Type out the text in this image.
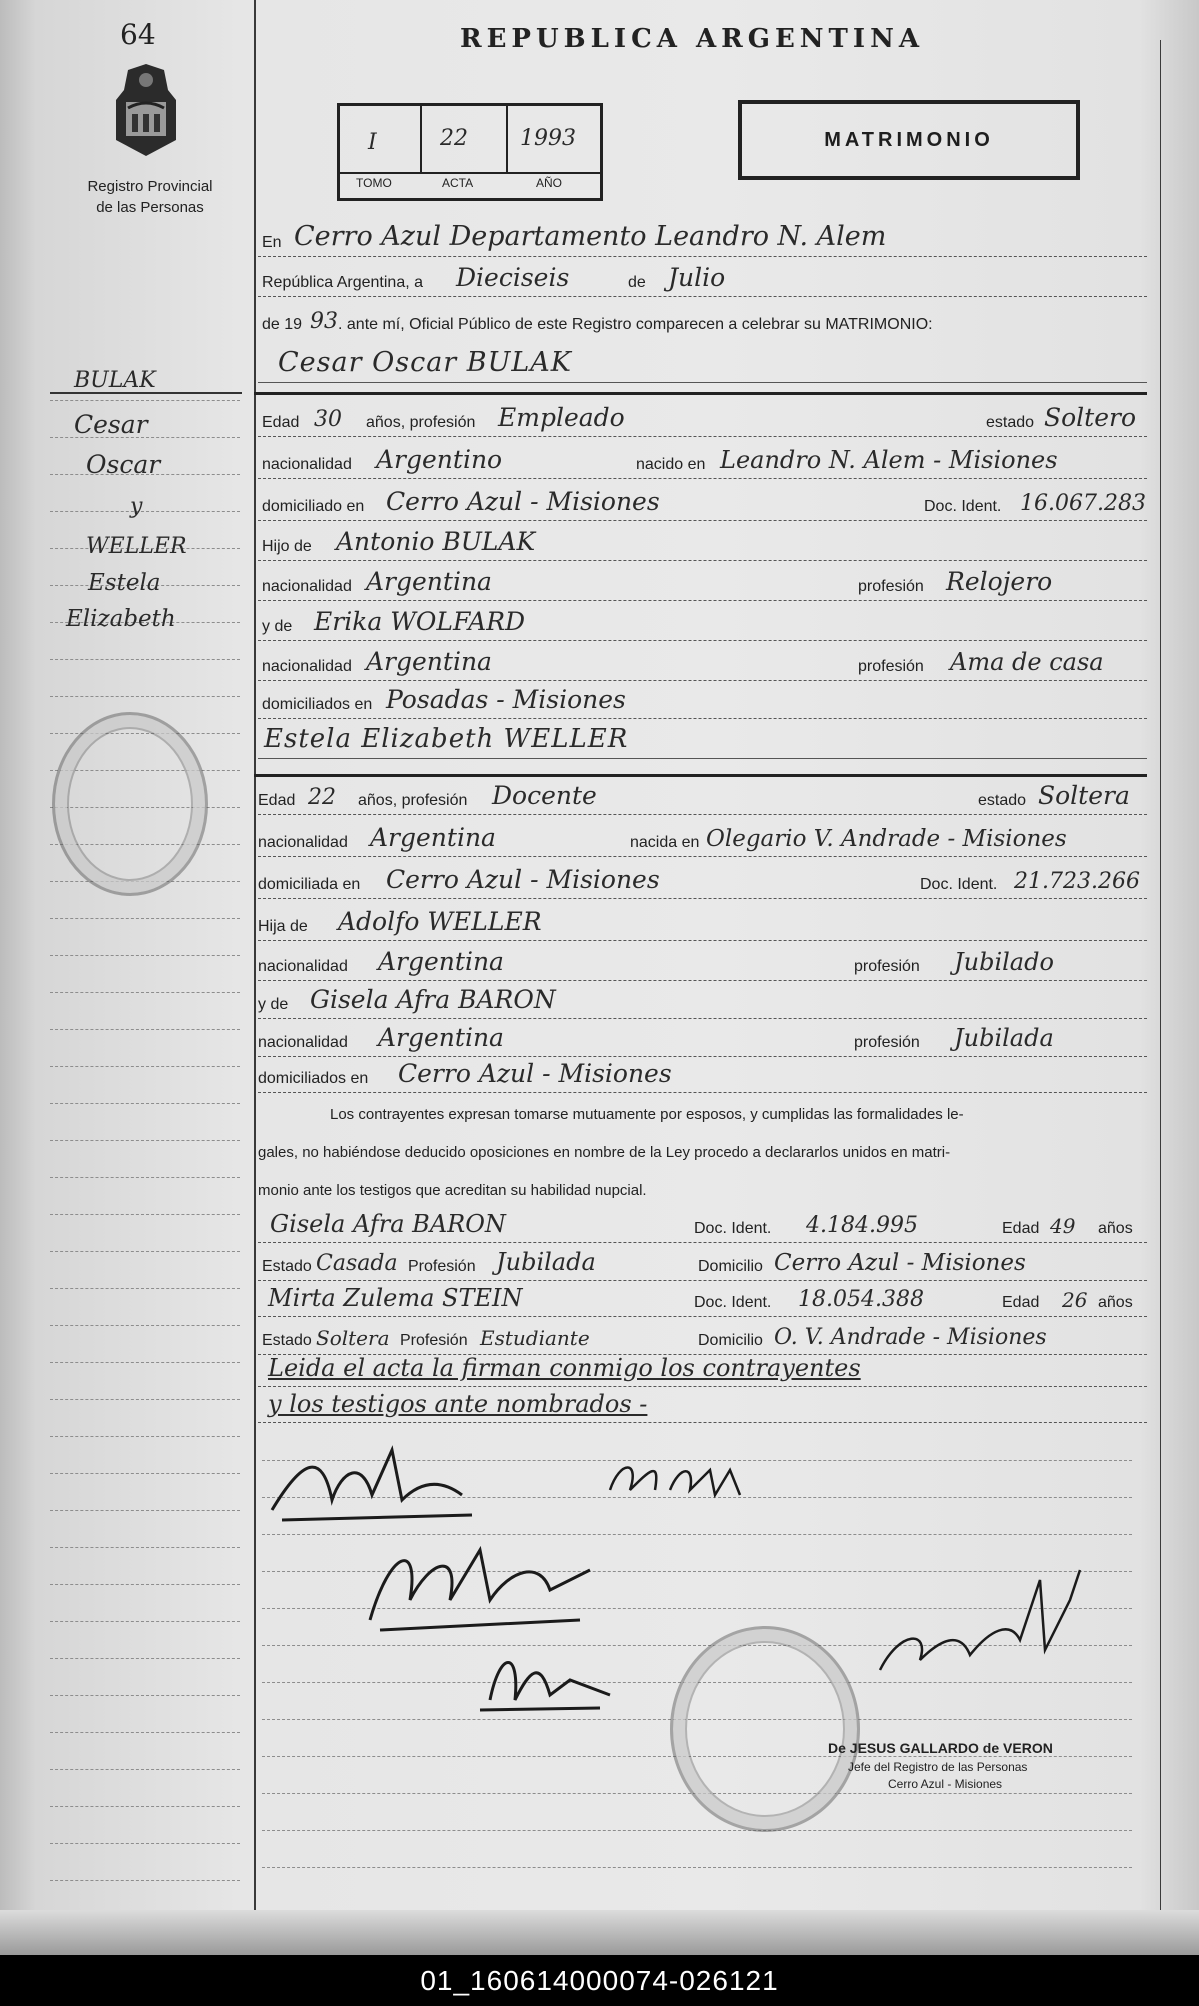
64
Registro Provincial
de las Personas
REPUBLICA ARGENTINA
I	22 1993
TOMO	ACTA	AÑO
MATRIMONIO
En Cerro Azul Departamento Leandro N. Alem
República Argentina, a Dieciseis	de Julio
de 19 93 . ante mí, Oficial Público de este Registro comparecen a celebrar su MATRIMONIO:
Cesar Oscar BULAK
Edad 30 años, profesión Empleado	estado Soltero
nacionalidad Argentino	nacido en Leandro N. Alem - Misiones
domiciliado en Cerro Azul - Misiones	Doc. Ident. 16.067.283
Hijo de Antonio BULAK
nacionalidad Argentina	profesión Relojero
y de Erika WOLFARD
nacionalidad Argentina	profesión Ama de casa
domiciliados en Posadas - Misiones
Estela Elizabeth WELLER
Edad 22 años, profesión Docente	estado Soltera
nacionalidad Argentina	nacida en Olegario V. Andrade - Misiones
domiciliada en Cerro Azul - Misiones	Doc. Ident. 21.723.266
Hija de Adolfo WELLER
nacionalidad Argentina	profesión Jubilado
y de Gisela Afra BARON
nacionalidad Argentina	profesión Jubilada
domiciliados en Cerro Azul - Misiones
Los contrayentes expresan tomarse mutuamente por esposos, y cumplidas las formalidades le-
gales, no habiéndose deducido oposiciones en nombre de la Ley procedo a declararlos unidos en matri-
monio ante los testigos que acreditan su habilidad nupcial.
Gisela Afra BARON	Doc. Ident. 4.184.995	Edad 49 años
Estado Casada Profesión Jubilada	Domicilio Cerro Azul - Misiones
Mirta Zulema STEIN	Doc. Ident. 18.054.388	Edad 26 años
Estado Soltera Profesión Estudiante	Domicilio O. V. Andrade - Misiones
Leida el acta la firman conmigo los contrayentes
y los testigos ante nombrados -
De JESUS GALLARDO de VERON
Jefe del Registro de las Personas
Cerro Azul - Misiones
BULAK
Cesar
Oscar
y
WELLER
Estela
Elizabeth
01_160614000074-026121
